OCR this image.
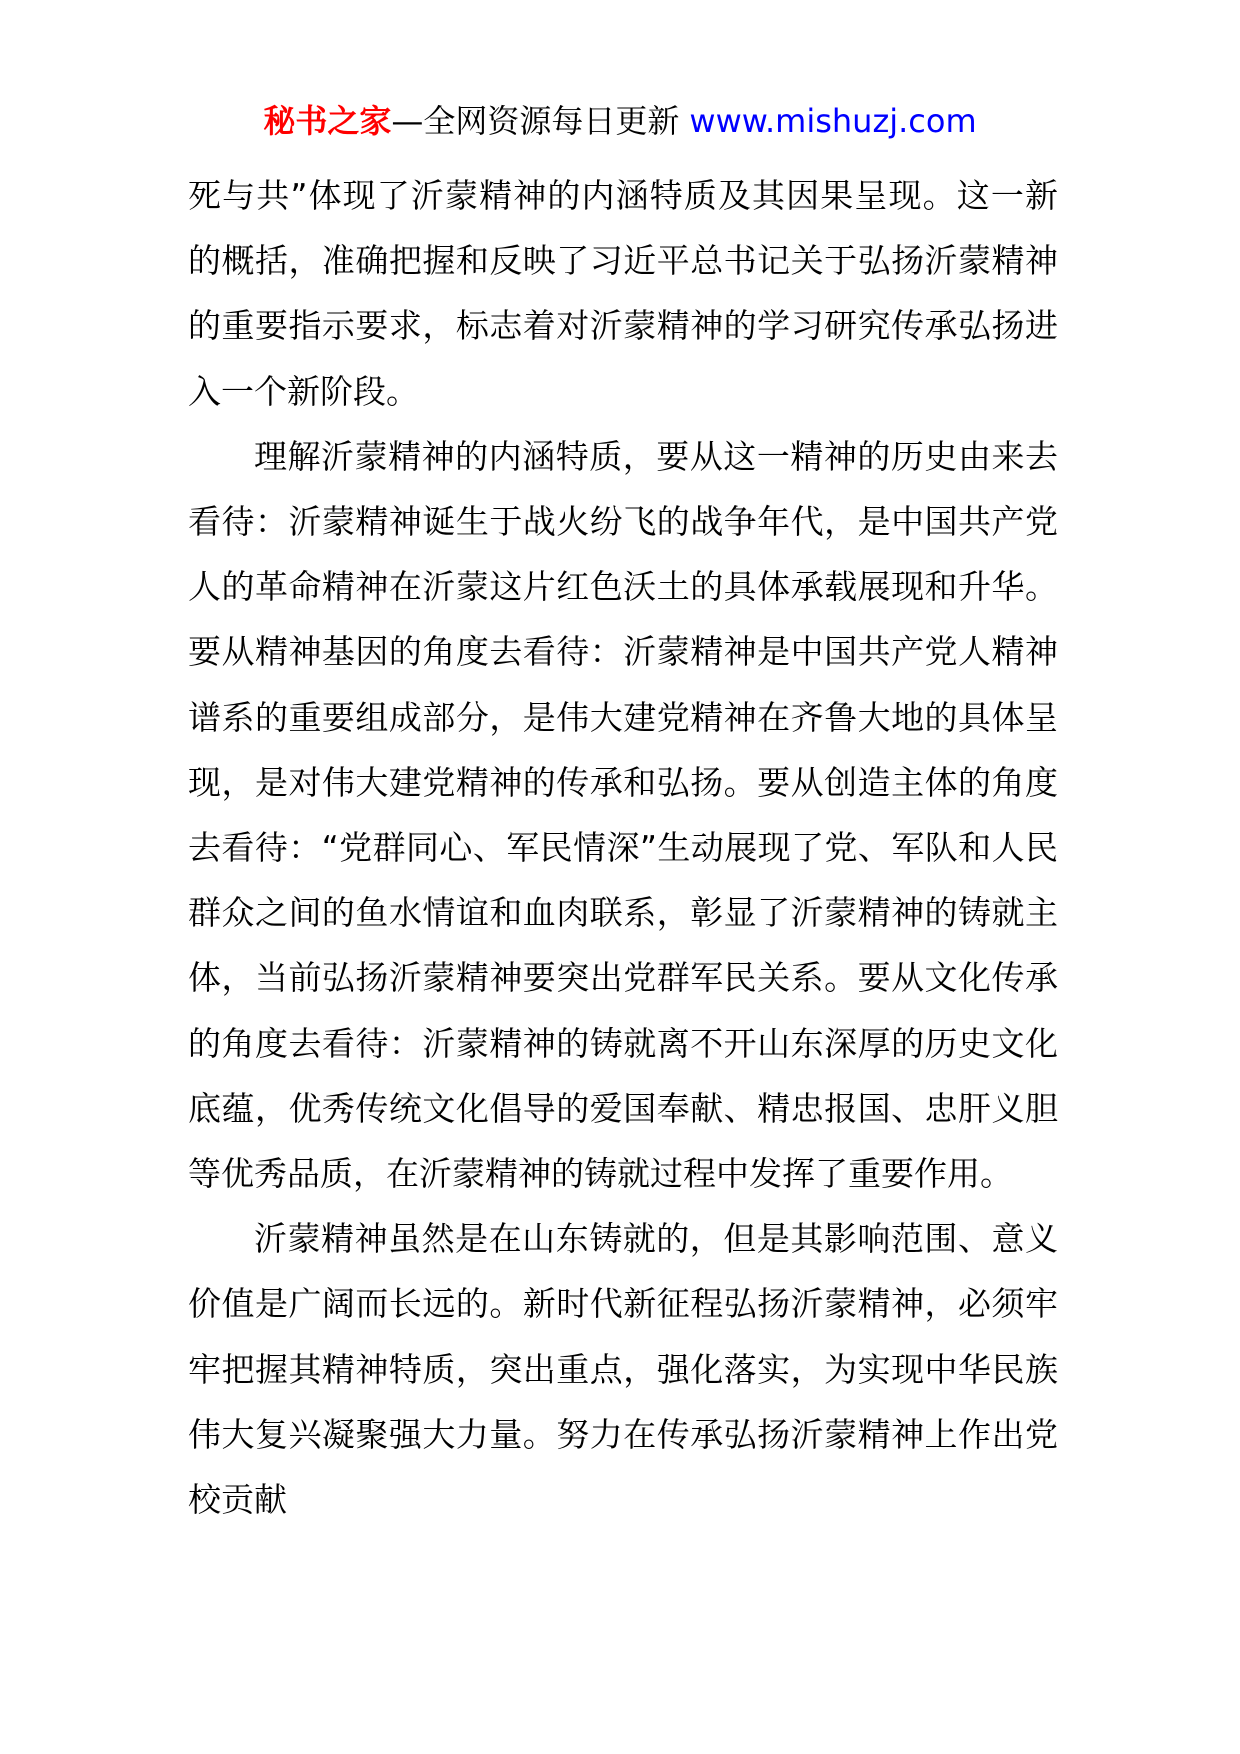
秘书之家—全网资源每日更新 www.mishuzj.com

死与共”体现了沂蒙精神的内涵特质及其因果呈现。这一新的概括，准确把握和反映了习近平总书记关于弘扬沂蒙精神的重要指示要求，标志着对沂蒙精神的学习研究传承弘扬进入一个新阶段。

理解沂蒙精神的内涵特质，要从这一精神的历史由来去看待：沂蒙精神诞生于战火纷飞的战争年代，是中国共产党人的革命精神在沂蒙这片红色沃土的具体承载展现和升华。要从精神基因的角度去看待：沂蒙精神是中国共产党人精神谱系的重要组成部分，是伟大建党精神在齐鲁大地的具体呈现，是对伟大建党精神的传承和弘扬。要从创造主体的角度去看待：“党群同心、军民情深”生动展现了党、军队和人民群众之间的鱼水情谊和血肉联系，彰显了沂蒙精神的铸就主体，当前弘扬沂蒙精神要突出党群军民关系。要从文化传承的角度去看待：沂蒙精神的铸就离不开山东深厚的历史文化底蕴，优秀传统文化倡导的爱国奉献、精忠报国、忠肝义胆等优秀品质，在沂蒙精神的铸就过程中发挥了重要作用。

沂蒙精神虽然是在山东铸就的，但是其影响范围、意义价值是广阔而长远的。新时代新征程弘扬沂蒙精神，必须牢牢把握其精神特质，突出重点，强化落实，为实现中华民族伟大复兴凝聚强大力量。努力在传承弘扬沂蒙精神上作出党校贡献
